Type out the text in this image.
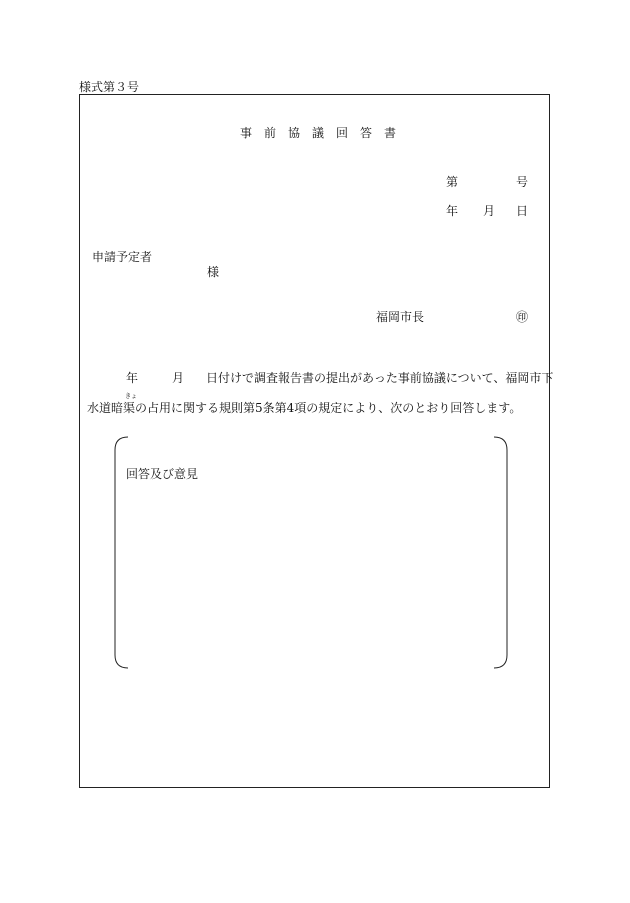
様式第３号
事前協議回答書
第	号
年 月 日
申請予定者
様
福岡市長	㊞
年	月 日付けで調査報告書の提出があった事前協議について、福岡市下
きょ
水道暗渠の占用に関する規則第5条第4項の規定により、次のとおり回答します。
回答及び意見
